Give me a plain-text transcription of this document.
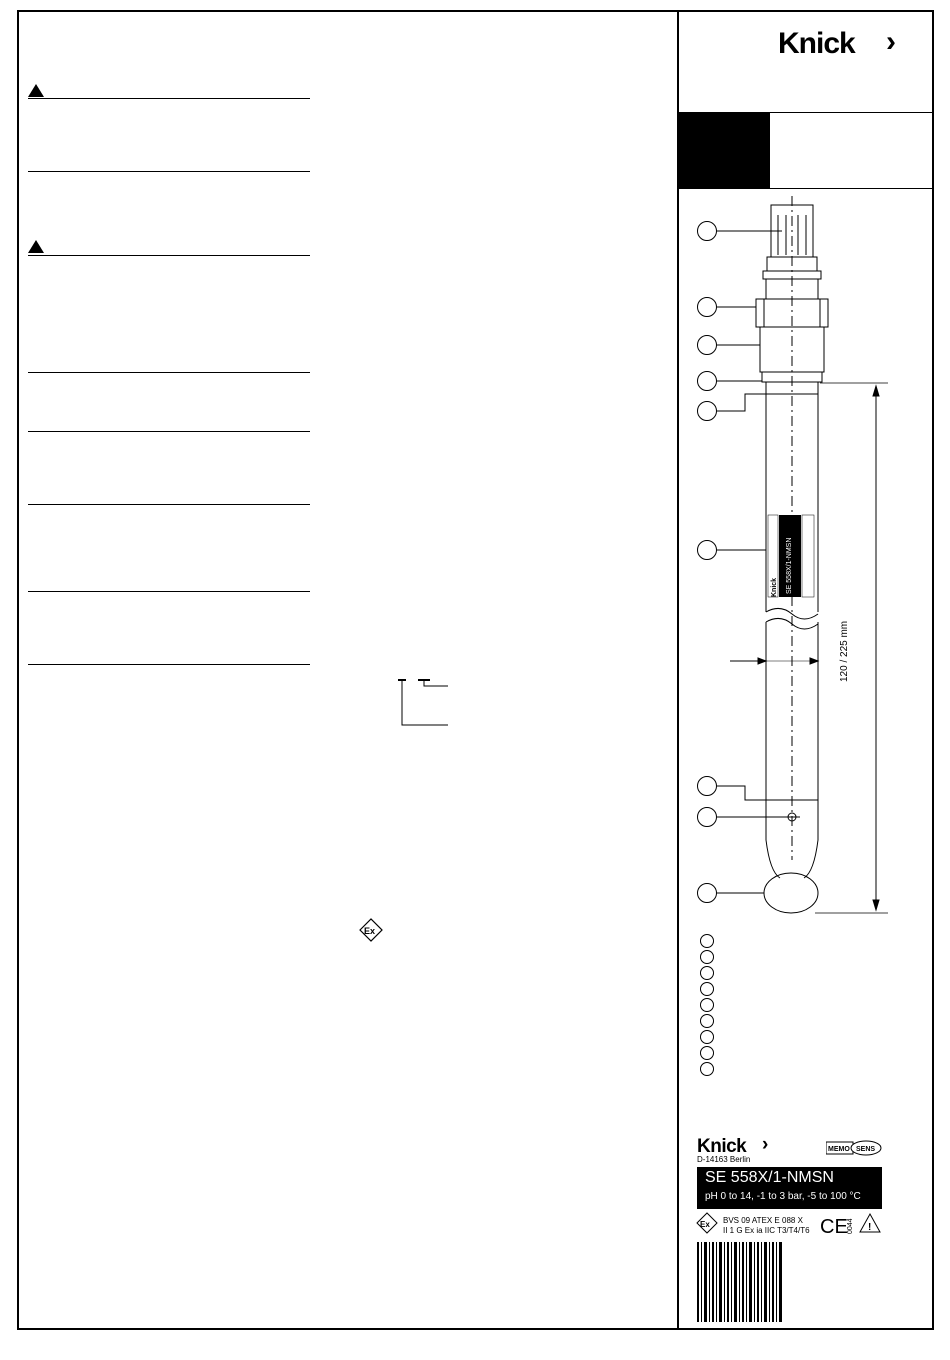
Knick ›
Knick SE 558X/1-NMSN
120 / 225 mm
Ex
Knick ›
D-14163 Berlin
MEMO SENS
SE 558X/1-NMSN
pH 0 to 14, -1 to 3 bar, -5 to 100 °C
Ex	CE 0044 !
BVS 09 ATEX E 088 X
II 1 G Ex ia IIC T3/T4/T6
